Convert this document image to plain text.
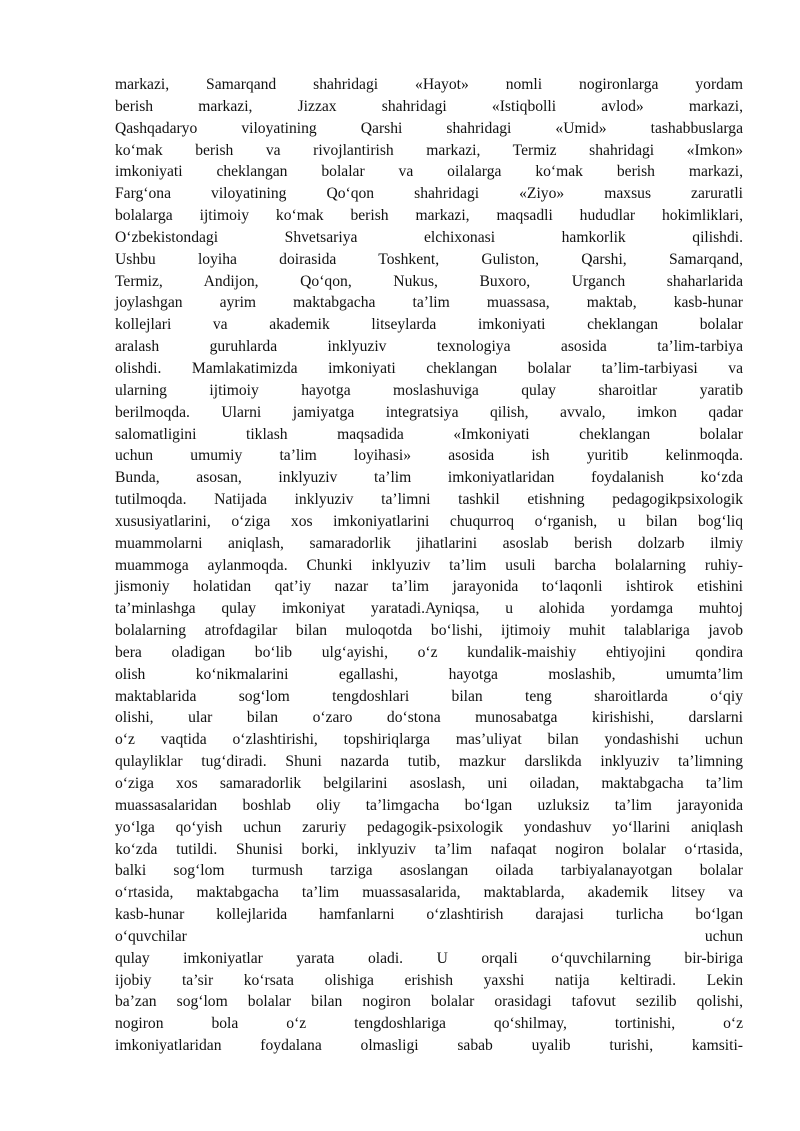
markazi, Samarqand shahridagi «Hayot» nomli nogironlarga yordam
berish markazi, Jizzax shahridagi «Istiqbolli avlod» markazi,
Qashqadaryo viloyatining Qarshi shahridagi «Umid» tashabbuslarga
ko‘mak berish va rivojlantirish markazi, Termiz shahridagi «Imkon»
imkoniyati cheklangan bolalar va oilalarga ko‘mak berish markazi,
Farg‘ona viloyatining Qo‘qon shahridagi «Ziyo» maxsus zaruratli
bolalarga ijtimoiy ko‘mak berish markazi, maqsadli hududlar hokimliklari,
O‘zbekistondagi Shvetsariya elchixonasi hamkorlik qilishdi.
Ushbu loyiha doirasida Toshkent, Guliston, Qarshi, Samarqand,
Termiz, Andijon, Qo‘qon, Nukus, Buxoro, Urganch shaharlarida
joylashgan ayrim maktabgacha ta’lim muassasa, maktab, kasb-hunar
kollejlari va akademik litseylarda imkoniyati cheklangan bolalar
aralash guruhlarda inklyuziv texnologiya asosida ta’lim-tarbiya
olishdi. Mamlakatimizda imkoniyati cheklangan bolalar ta’lim-tarbiyasi va
ularning ijtimoiy hayotga moslashuviga qulay sharoitlar yaratib
berilmoqda. Ularni jamiyatga integratsiya qilish, avvalo, imkon qadar
salomatligini tiklash maqsadida «Imkoniyati cheklangan bolalar
uchun umumiy ta’lim loyihasi» asosida ish yuritib kelinmoqda.
Bunda, asosan, inklyuziv ta’lim imkoniyatlaridan foydalanish ko‘zda
tutilmoqda. Natijada inklyuziv ta’limni tashkil etishning pedagogikpsixologik
xususiyatlarini, o‘ziga xos imkoniyatlarini chuqurroq o‘rganish, u bilan bog‘liq
muammolarni aniqlash, samaradorlik jihatlarini asoslab berish dolzarb ilmiy
muammoga aylanmoqda. Chunki inklyuziv ta’lim usuli barcha bolalarning ruhiy-
jismoniy holatidan qat’iy nazar ta’lim jarayonida to‘laqonli ishtirok etishini
ta’minlashga qulay imkoniyat yaratadi.Ayniqsa, u alohida yordamga muhtoj
bolalarning atrofdagilar bilan muloqotda bo‘lishi, ijtimoiy muhit talablariga javob
bera oladigan bo‘lib ulg‘ayishi, o‘z kundalik-maishiy ehtiyojini qondira
olish ko‘nikmalarini egallashi, hayotga moslashib, umumta’lim
maktablarida sog‘lom tengdoshlari bilan teng sharoitlarda o‘qiy
olishi, ular bilan o‘zaro do‘stona munosabatga kirishishi, darslarni
o‘z vaqtida o‘zlashtirishi, topshiriqlarga mas’uliyat bilan yondashishi uchun
qulayliklar tug‘diradi. Shuni nazarda tutib, mazkur darslikda inklyuziv ta’limning
o‘ziga xos samaradorlik belgilarini asoslash, uni oiladan, maktabgacha ta’lim
muassasalaridan boshlab oliy ta’limgacha bo‘lgan uzluksiz ta’lim jarayonida
yo‘lga qo‘yish uchun zaruriy pedagogik-psixologik yondashuv yo‘llarini aniqlash
ko‘zda tutildi. Shunisi borki, inklyuziv ta’lim nafaqat nogiron bolalar o‘rtasida,
balki sog‘lom turmush tarziga asoslangan oilada tarbiyalanayotgan bolalar
o‘rtasida, maktabgacha ta’lim muassasalarida, maktablarda, akademik litsey va
kasb-hunar kollejlarida hamfanlarni o‘zlashtirish darajasi turlicha bo‘lgan
o‘quvchilar uchun
qulay imkoniyatlar yarata oladi. U orqali o‘quvchilarning bir-biriga
ijobiy ta’sir ko‘rsata olishiga erishish yaxshi natija keltiradi. Lekin
ba’zan sog‘lom bolalar bilan nogiron bolalar orasidagi tafovut sezilib qolishi,
nogiron bola o‘z tengdoshlariga qo‘shilmay, tortinishi, o‘z
imkoniyatlaridan foydalana olmasligi sabab uyalib turishi, kamsiti-
